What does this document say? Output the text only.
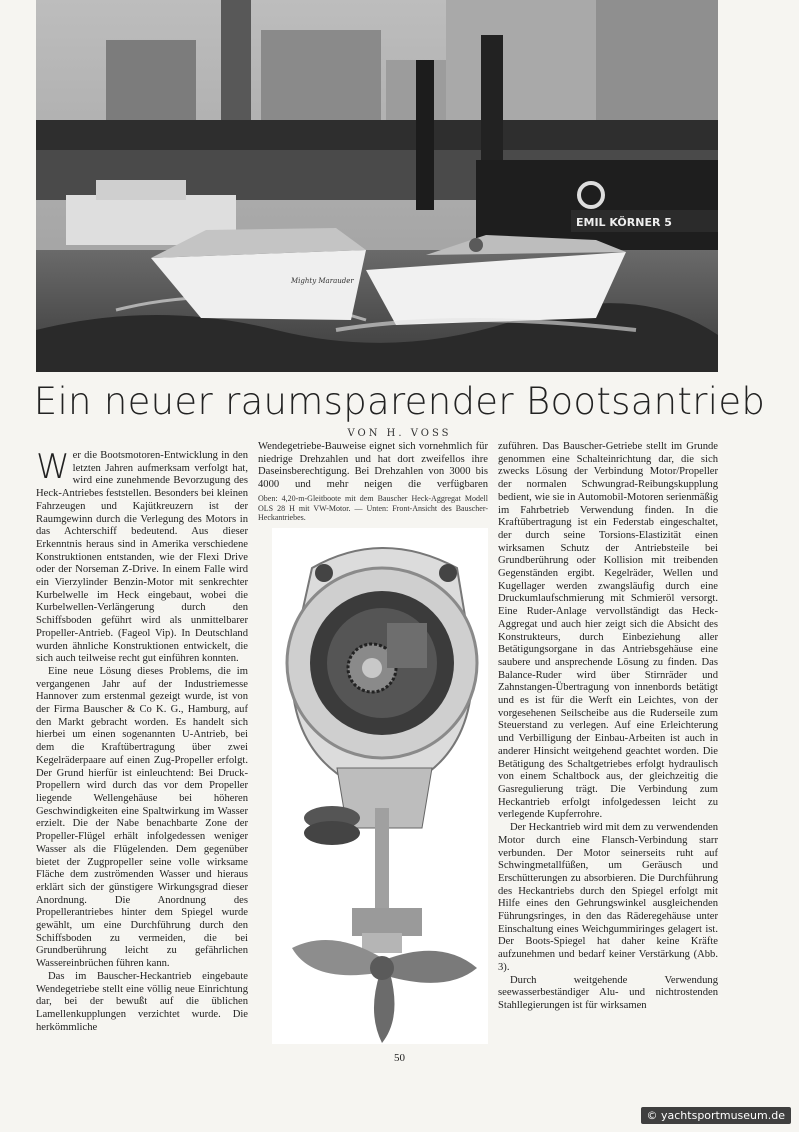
EMIL KÖRNER 5
Mighty Marauder
Ein neuer raumsparender Bootsantrieb
VON H. VOSS

Wer die Bootsmotoren-Entwicklung in den letzten Jahren aufmerksam verfolgt hat, wird eine zunehmende Bevorzugung des Heck-Antriebes feststellen. Besonders bei kleinen Fahrzeugen und Kajütkreuzern ist der Raumgewinn durch die Verlegung des Motors in das Achterschiff bedeutend. Aus dieser Erkenntnis heraus sind in Amerika verschiedene Konstruktionen entstanden, wie der Flexi Drive oder der Norseman Z-Drive. In einem Falle wird ein Vierzylinder Benzin-Motor mit senkrechter Kurbelwelle im Heck eingebaut, wobei die Kurbelwellen-Verlängerung durch den Schiffsboden geführt wird als unmittelbarer Propeller-Antrieb. (Fageol Vip). In Deutschland wurden ähnliche Konstruktionen entwickelt, die sich auch teilweise recht gut einführen konnten.

Eine neue Lösung dieses Problems, die im vergangenen Jahr auf der Industriemesse Hannover zum erstenmal gezeigt wurde, ist von der Firma Bauscher & Co K. G., Hamburg, auf den Markt gebracht worden. Es handelt sich hierbei um einen sogenannten U-Antrieb, bei dem die Kraftübertragung über zwei Kegelräderpaare auf einen Zug-Propeller erfolgt. Der Grund hierfür ist einleuchtend: Bei Druck-Propellern wird durch das vor dem Propeller liegende Wellengehäuse bei höheren Geschwindigkeiten eine Spaltwirkung im Wasser erzielt. Die der Nabe benachbarte Zone der Propeller-Flügel erhält infolgedessen weniger Wasser als die Flügelenden. Dem gegenüber bietet der Zugpropeller seine volle wirksame Fläche dem zuströmenden Wasser und hieraus erklärt sich der günstigere Wirkungsgrad dieser Anordnung. Die Anordnung des Propellerantriebes hinter dem Spiegel wurde gewählt, um eine Durchführung durch den Schiffsboden zu vermeiden, die bei Grundberührung leicht zu gefährlichen Wassereinbrüchen führen kann.

Das im Bauscher-Heckantrieb eingebaute Wendegetriebe stellt eine völlig neue Einrichtung dar, bei der bewußt auf die üblichen Lamellenkupplungen verzichtet wurde. Die herkömmliche

Wendegetriebe-Bauweise eignet sich vornehmlich für niedrige Drehzahlen und hat dort zweifellos ihre Daseinsberechtigung. Bei Drehzahlen von 3000 bis 4000 und mehr neigen die verfügbaren

Oben: 4,20-m-Gleitboote mit dem Bauscher Heck-Aggregat Modell OLS 28 H mit VW-Motor. — Unten: Front-Ansicht des Bauscher-Heckantriebes.

zuführen. Das Bauscher-Getriebe stellt im Grunde genommen eine Schalteinrichtung dar, die sich zwecks Lösung der Verbindung Motor/Propeller der normalen Schwungrad-Reibungskupplung bedient, wie sie in Automobil-Motoren serienmäßig im Fahrbetrieb Verwendung finden. In die Kraftübertragung ist ein Federstab eingeschaltet, der durch seine Torsions-Elastizität einen wirksamen Schutz der Antriebsteile bei Grundberührung oder Kollision mit treibenden Gegenständen ergibt. Kegelräder, Wellen und Kugellager werden zwangsläufig durch eine Druckumlaufschmierung mit Schmieröl versorgt. Eine Ruder-Anlage vervollständigt das Heck-Aggregat und auch hier zeigt sich die Absicht des Konstrukteurs, durch Einbeziehung aller Betätigungsorgane in das Antriebsgehäuse eine saubere und ansprechende Lösung zu finden. Das Balance-Ruder wird über Stirnräder und Zahnstangen-Übertragung von innenbords betätigt und es ist für die Werft ein Leichtes, von der vorgesehenen Seilscheibe aus die Ruderseile zum Steuerstand zu verlegen. Auf eine Erleichterung und Verbilligung der Einbau-Arbeiten ist auch in anderer Hinsicht weitgehend geachtet worden. Die Betätigung des Schaltgetriebes erfolgt hydraulisch von einem Schaltbock aus, der gleichzeitig die Gasregulierung trägt. Die Verbindung zum Heckantrieb erfolgt infolgedessen leicht zu verlegende Kupferrohre.

Der Heckantrieb wird mit dem zu verwendenden Motor durch eine Flansch-Verbindung starr verbunden. Der Motor seinerseits ruht auf Schwingmetallfüßen, um Geräusch und Erschütterungen zu absorbieren. Die Durchführung des Heckantriebs durch den Spiegel erfolgt mit Hilfe eines den Gehrungswinkel ausgleichenden Führungsringes, in den das Räderegehäuse unter Einschaltung eines Weichgummiringes gelagert ist. Der Boots-Spiegel hat daher keine Kräfte aufzunehmen und bedarf keiner Verstärkung (Abb. 3).

Durch weitgehende Verwendung seewasserbeständiger Alu- und nichtrostenden Stahllegierungen ist für wirksamen

50
© yachtsportmuseum.de
